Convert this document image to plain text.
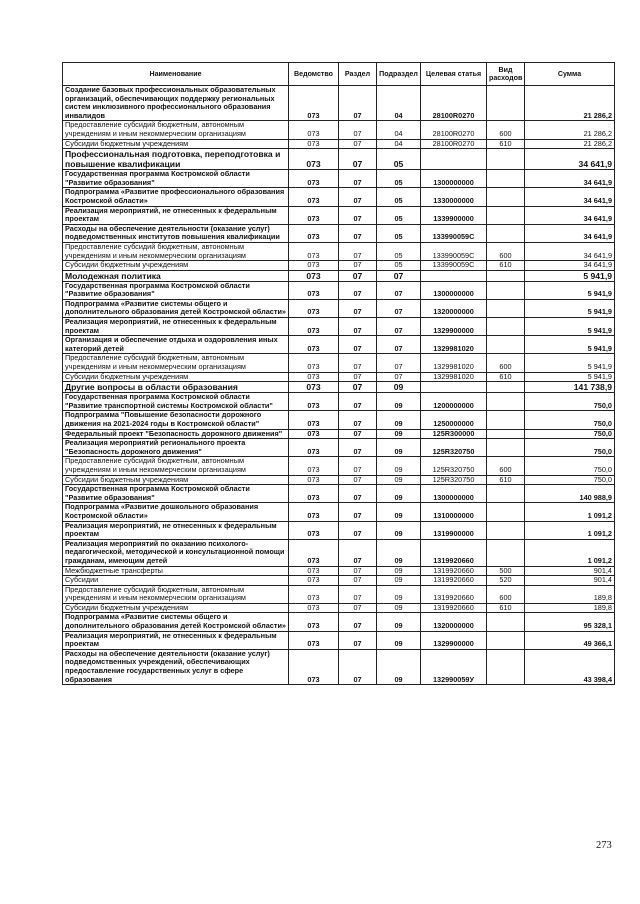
Наименование	Ведомство	Раздел	Подраздел	Целевая статья	Вид расходов	Сумма
Создание базовых профессиональных образовательных организаций, обеспечивающих поддержку региональных систем инклюзивного профессионального образования инвалидов	073	07	04	28100R0270		21 286,2
Предоставление субсидий бюджетным, автономным учреждениям и иным некоммерческим организациям	073	07	04	28100R0270	600	21 286,2
Субсидии бюджетным учреждениям	073	07	04	28100R0270	610	21 286,2
Профессиональная подготовка, переподготовка и повышение квалификации	073	07	05			34 641,9
Государственная программа Костромской области "Развитие образования"	073	07	05	1300000000		34 641,9
Подпрограмма «Развитие профессионального образования Костромской области»	073	07	05	1330000000		34 641,9
Реализация мероприятий, не отнесенных к федеральным проектам	073	07	05	1339900000		34 641,9
Расходы на обеспечение деятельности (оказание услуг) подведомственных институтов повышения квалификации	073	07	05	133990059С		34 641,9
Предоставление субсидий бюджетным, автономным учреждениям и иным некоммерческим организациям	073	07	05	133990059С	600	34 641,9
Субсидии бюджетным учреждениям	073	07	05	133990059С	610	34 641,9
Молодежная политика	073	07	07			5 941,9
Государственная программа Костромской области "Развитие образования"	073	07	07	1300000000		5 941,9
Подпрограмма «Развитие системы общего и дополнительного образования детей Костромской области»	073	07	07	1320000000		5 941,9
Реализация мероприятий, не отнесенных к федеральным проектам	073	07	07	1329900000		5 941,9
Организация и обеспечение отдыха и оздоровления иных категорий детей	073	07	07	1329981020		5 941,9
Предоставление субсидий бюджетным, автономным учреждениям и иным некоммерческим организациям	073	07	07	1329981020	600	5 941,9
Субсидии бюджетным учреждениям	073	07	07	1329981020	610	5 941,9
Другие вопросы в области образования	073	07	09			141 738,9
Государственная программа Костромской области "Развитие транспортной системы Костромской области"	073	07	09	1200000000		750,0
Подпрограмма "Повышение безопасности дорожного движения на 2021-2024 годы в Костромской области"	073	07	09	1250000000		750,0
Федеральный проект "Безопасность дорожного движения"	073	07	09	125R300000		750,0
Реализация мероприятий регионального проекта "Безопасность дорожного движения"	073	07	09	125R320750		750,0
Предоставление субсидий бюджетным, автономным учреждениям и иным некоммерческим организациям	073	07	09	125R320750	600	750,0
Субсидии бюджетным учреждениям	073	07	09	125R320750	610	750,0
Государственная программа Костромской области "Развитие образования"	073	07	09	1300000000		140 988,9
Подпрограмма «Развитие дошкольного образования Костромской области»	073	07	09	1310000000		1 091,2
Реализация мероприятий, не отнесенных к федеральным проектам	073	07	09	1319900000		1 091,2
Реализация мероприятий по оказанию психолого-педагогической, методической и консультационной помощи гражданам, имеющим детей	073	07	09	1319920660		1 091,2
Межбюджетные трансферты	073	07	09	1319920660	500	901,4
Субсидии	073	07	09	1319920660	520	901,4
Предоставление субсидий бюджетным, автономным учреждениям и иным некоммерческим организациям	073	07	09	1319920660	600	189,8
Субсидии бюджетным учреждениям	073	07	09	1319920660	610	189,8
Подпрограмма «Развитие системы общего и дополнительного образования детей Костромской области»	073	07	09	1320000000		95 328,1
Реализация мероприятий, не отнесенных к федеральным проектам	073	07	09	1329900000		49 366,1
Расходы на обеспечение деятельности (оказание услуг) подведомственных учреждений, обеспечивающих предоставление государственных услуг в сфере образования	073	07	09	132990059У		43 398,4
273
